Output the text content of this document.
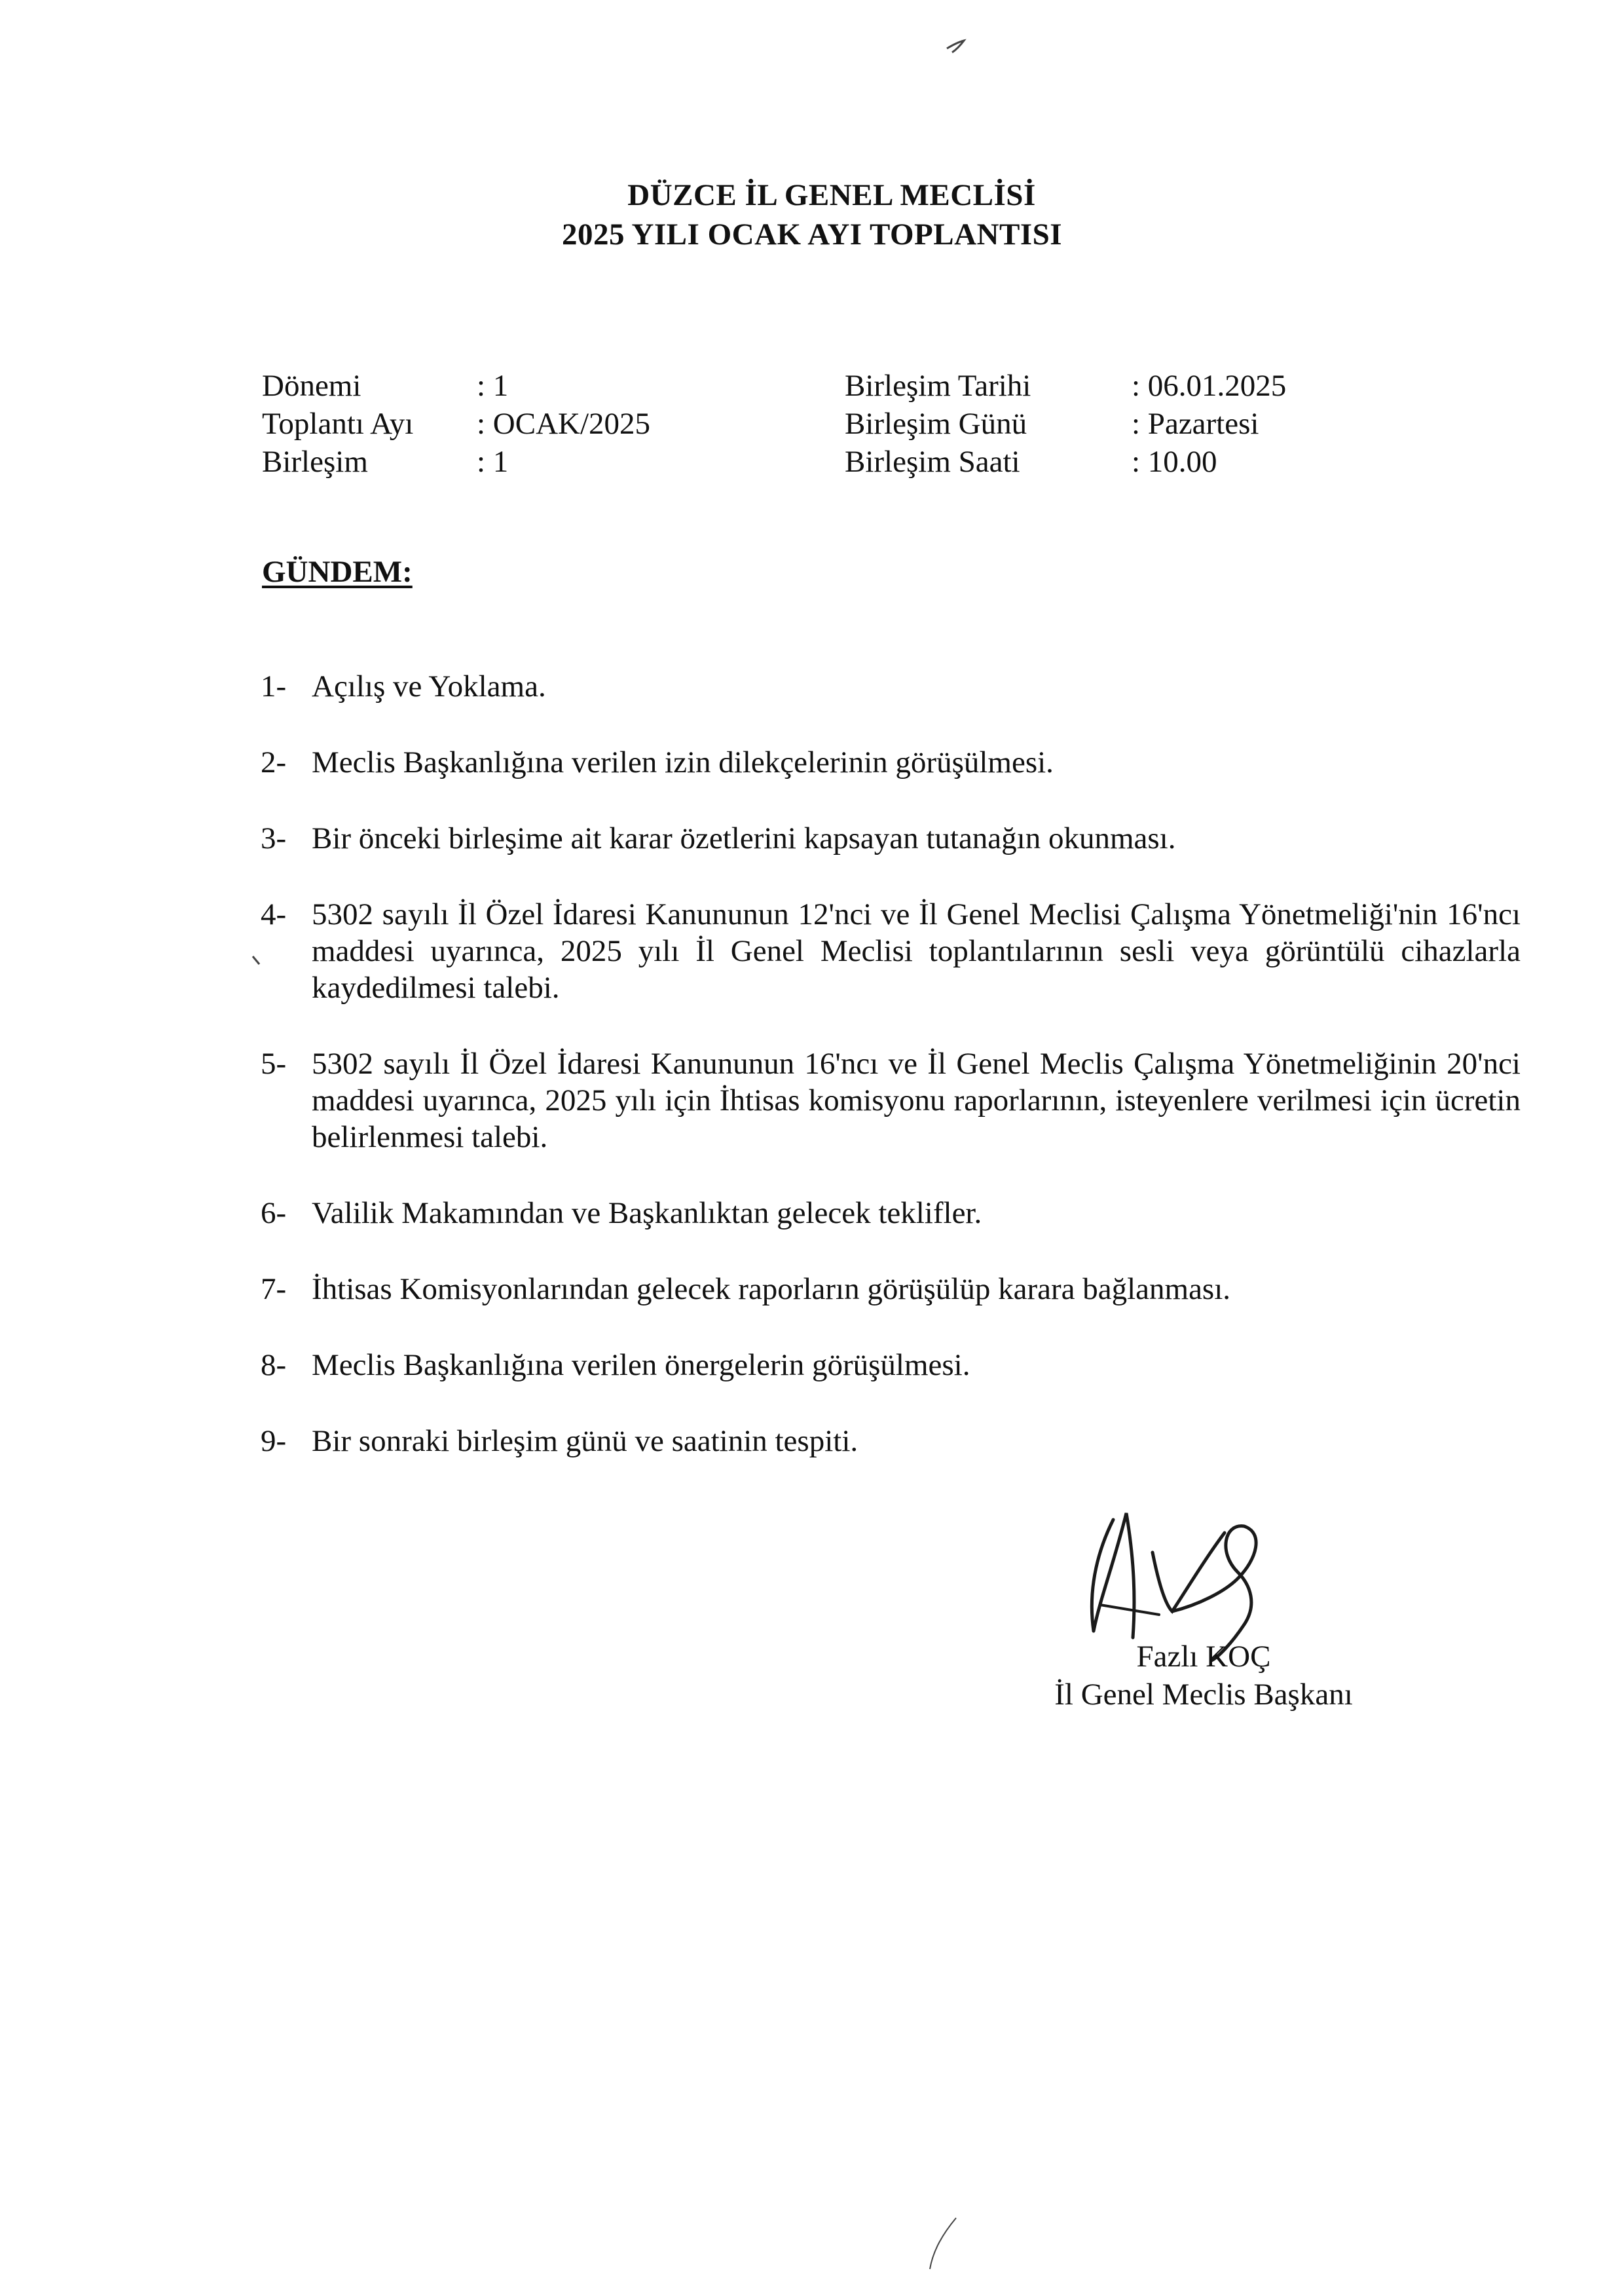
DÜZCE İL GENEL MECLİSİ
2025 YILI OCAK AYI TOPLANTISI
Dönemi	: 1
Toplantı Ayı	: OCAK/2025
Birleşim	: 1
Birleşim Tarihi	: 06.01.2025
Birleşim Günü	: Pazartesi
Birleşim Saati	: 10.00
GÜNDEM:
1- Açılış ve Yoklama.
2- Meclis Başkanlığına verilen izin dilekçelerinin görüşülmesi.
3- Bir önceki birleşime ait karar özetlerini kapsayan tutanağın okunması.
4- 5302 sayılı İl Özel İdaresi Kanununun 12'nci ve İl Genel Meclisi Çalışma Yönetmeliği'nin 16'ncı maddesi uyarınca, 2025 yılı İl Genel Meclisi toplantılarının sesli veya görüntülü cihazlarla kaydedilmesi talebi.
5- 5302 sayılı İl Özel İdaresi Kanununun 16'ncı ve İl Genel Meclis Çalışma Yönetmeliğinin 20'nci maddesi uyarınca, 2025 yılı için İhtisas komisyonu raporlarının, isteyenlere verilmesi için ücretin belirlenmesi talebi.
6- Valilik Makamından ve Başkanlıktan gelecek teklifler.
7- İhtisas Komisyonlarından gelecek raporların görüşülüp karara bağlanması.
8- Meclis Başkanlığına verilen önergelerin görüşülmesi.
9- Bir sonraki birleşim günü ve saatinin tespiti.
Fazlı KOÇ
İl Genel Meclis Başkanı
